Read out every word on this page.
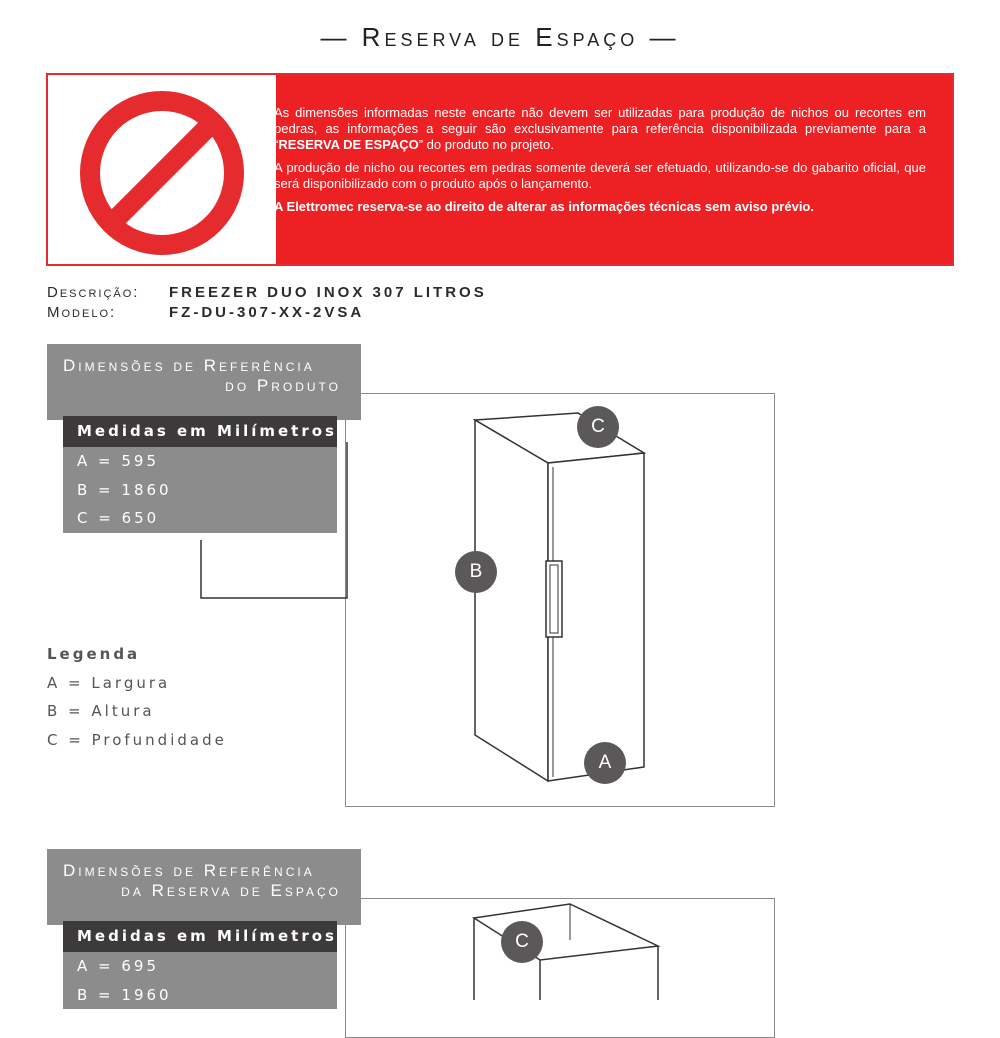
— Reserva de Espaço —

As dimensões informadas neste encarte não devem ser utilizadas para produção de nichos ou recortes em pedras, as informações a seguir são exclusivamente para referência disponibilizada previamente para a “RESERVA DE ESPAÇO” do produto no projeto.

A produção de nicho ou recortes em pedras somente deverá ser efetuado, utilizando-se do gabarito oficial, que será disponibilizado com o produto após o lançamento.

A Elettromec reserva-se ao direito de alterar as informações técnicas sem aviso prévio.

Descrição: FREEZER DUO INOX 307 LITROS
Modelo:	FZ-DU-307-XX-2VSA
C
B
A
Dimensões de Referência
do Produto
Medidas em Milímetros
A = 595
B = 1860
C = 650
Legenda
A = Largura
B = Altura
C = Profundidade
C
Dimensões de Referência
da Reserva de Espaço
Medidas em Milímetros
A = 695
B = 1960
